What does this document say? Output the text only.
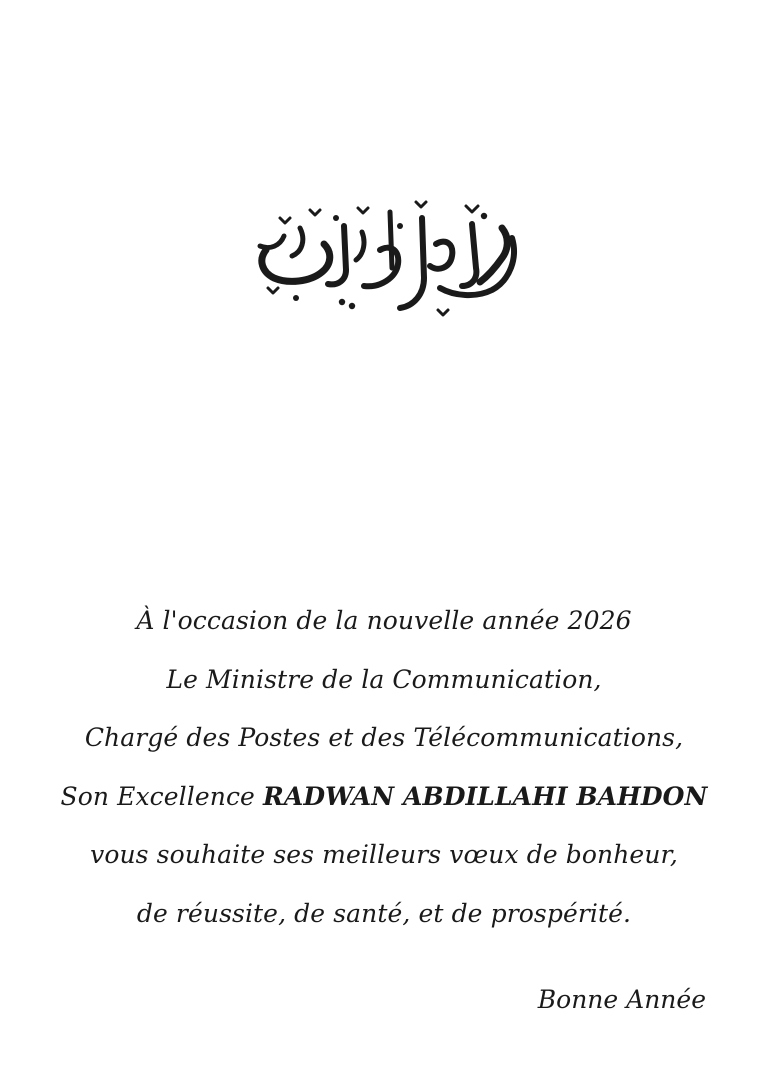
À l'occasion de la nouvelle année 2026
Le Ministre de la Communication,
Chargé des Postes et des Télécommunications,
Son Excellence RADWAN ABDILLAHI BAHDON
vous souhaite ses meilleurs vœux de bonheur,
de réussite, de santé, et de prospérité.
Bonne Année
